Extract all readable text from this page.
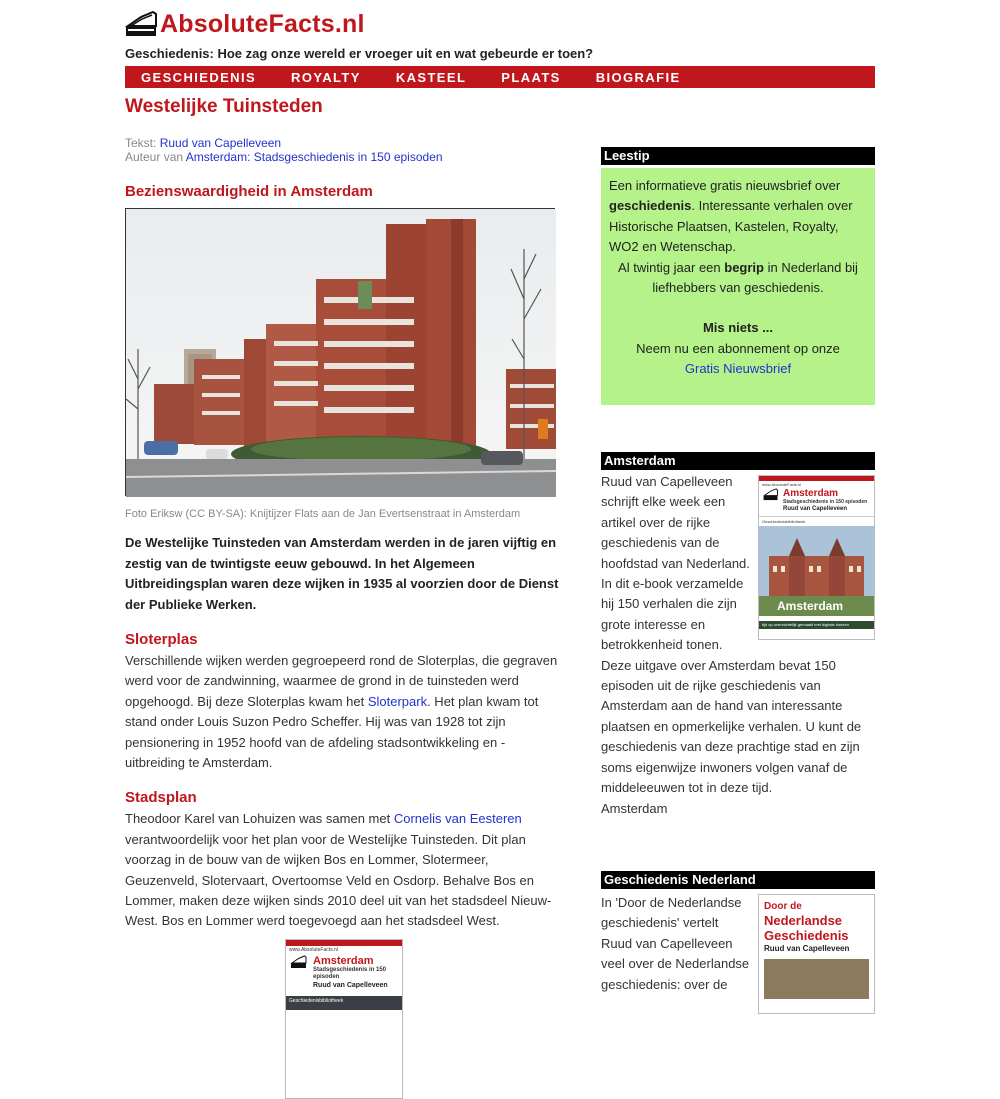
AbsoluteFacts.nl
Geschiedenis: Hoe zag onze wereld er vroeger uit en wat gebeurde er toen?
GESCHIEDENIS	ROYALTY	KASTEEL	PLAATS	BIOGRAFIE
Westelijke Tuinsteden
Tekst: Ruud van Capelleveen
Auteur van Amsterdam: Stadsgeschiedenis in 150 episoden
Bezienswaardigheid in Amsterdam
Foto Eriksw (CC BY-SA): Knijtijzer Flats aan de Jan Evertsenstraat in Amsterdam

De Westelijke Tuinsteden van Amsterdam werden in de jaren vijftig en zestig van de twintigste eeuw gebouwd. In het Algemeen Uitbreidingsplan waren deze wijken in 1935 al voorzien door de Dienst der Publieke Werken.

Sloterplas

Verschillende wijken werden gegroepeerd rond de Sloterplas, die gegraven werd voor de zandwinning, waarmee de grond in de tuinsteden werd opgehoogd. Bij deze Sloterplas kwam het Sloterpark. Het plan kwam tot stand onder Louis Suzon Pedro Scheffer. Hij was van 1928 tot zijn pensionering in 1952 hoofd van de afdeling stadsontwikkeling en -uitbreiding te Amsterdam.

Stadsplan

Theodoor Karel van Lohuizen was samen met Cornelis van Eesteren verantwoordelijk voor het plan voor de Westelijke Tuinsteden. Dit plan voorzag in de bouw van de wijken Bos en Lommer, Slotermeer, Geuzenveld, Slotervaart, Overtoomse Veld en Osdorp. Behalve Bos en Lommer, maken deze wijken sinds 2010 deel uit van het stadsdeel Nieuw-West. Bos en Lommer werd toegevoegd aan het stadsdeel West.

www.AbsoluteFacts.nl
Amsterdam
Stadsgeschiedenis in 150 episoden
Ruud van Capelleveen
Geschiedenisbibliotheek
Leestip

Een informatieve gratis nieuwsbrief over geschiedenis. Interessante verhalen over Historische Plaatsen, Kastelen, Royalty, WO2 en Wetenschap.

Al twintig jaar een begrip in Nederland bij liefhebbers van geschiedenis.

Mis niets ...

Neem nu een abonnement op onze

Gratis Nieuwsbrief

Amsterdam
www.AbsoluteFacts.nl
Amsterdam
Stadsgeschiedenis in 150 episoden
Ruud van Capelleveen
Geschiedenisbibliotheek
Amsterdam
tijd op overzichtelijk gemaakt met digitale boeken

Ruud van Capelleveen schrijft elke week een artikel over de rijke geschiedenis van de hoofdstad van Nederland. In dit e-book verzamelde hij 150 verhalen die zijn grote interesse en betrokkenheid tonen. Deze uitgave over Amsterdam bevat 150 episoden uit de rijke geschiedenis van Amsterdam aan de hand van interessante plaatsen en opmerkelijke verhalen. U kunt de geschiedenis van deze prachtige stad en zijn soms eigenwijze inwoners volgen vanaf de middeleeuwen tot in deze tijd.

Amsterdam
Geschiedenis Nederland
Door de
Nederlandse
Geschiedenis
Ruud van Capelleveen

In 'Door de Nederlandse geschiedenis' vertelt Ruud van Capelleveen veel over de Nederlandse geschiedenis: over de
